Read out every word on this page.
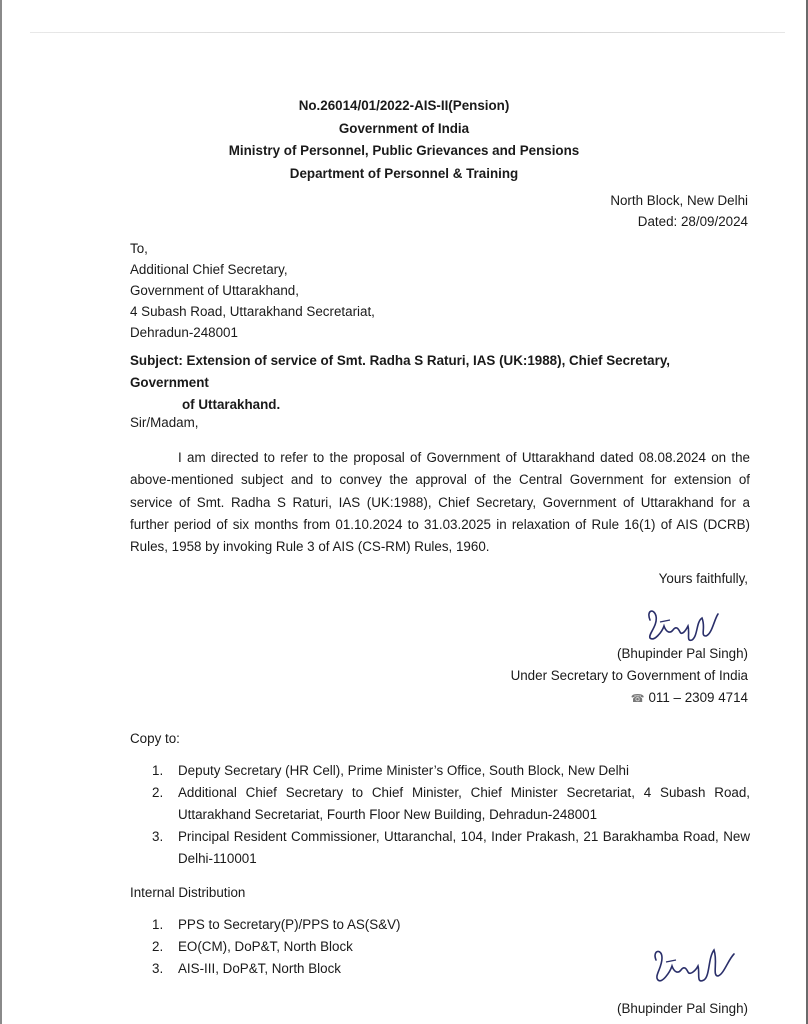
No.26014/01/2022-AIS-II(Pension)
Government of India
Ministry of Personnel, Public Grievances and Pensions
Department of Personnel & Training
North Block, New Delhi
Dated: 28/09/2024
To,
Additional Chief Secretary,
Government of Uttarakhand,
4 Subash Road, Uttarakhand Secretariat,
Dehradun-248001
Subject: Extension of service of Smt. Radha S Raturi, IAS (UK:1988), Chief Secretary, Government
of Uttarakhand.
Sir/Madam,
I am directed to refer to the proposal of Government of Uttarakhand dated 08.08.2024 on the
above-mentioned subject and to convey the approval of the Central Government for extension of
service of Smt. Radha S Raturi, IAS (UK:1988), Chief Secretary, Government of Uttarakhand for a
further period of six months from 01.10.2024 to 31.03.2025 in relaxation of Rule 16(1) of AIS (DCRB)
Rules, 1958 by invoking Rule 3 of AIS (CS-RM) Rules, 1960.
Yours faithfully,
(Bhupinder Pal Singh)
Under Secretary to Government of India
☎ 011 – 2309 4714
Copy to:
1.	Deputy Secretary (HR Cell), Prime Minister’s Office, South Block, New Delhi
2.	Additional Chief Secretary to Chief Minister, Chief Minister Secretariat, 4 Subash Road,
Uttarakhand Secretariat, Fourth Floor New Building, Dehradun-248001
3.	Principal Resident Commissioner, Uttaranchal, 104, Inder Prakash, 21 Barakhamba Road, New
Delhi-110001
Internal Distribution
1.	PPS to Secretary(P)/PPS to AS(S&V)
2.	EO(CM), DoP&T, North Block
3.	AIS-III, DoP&T, North Block
(Bhupinder Pal Singh)
